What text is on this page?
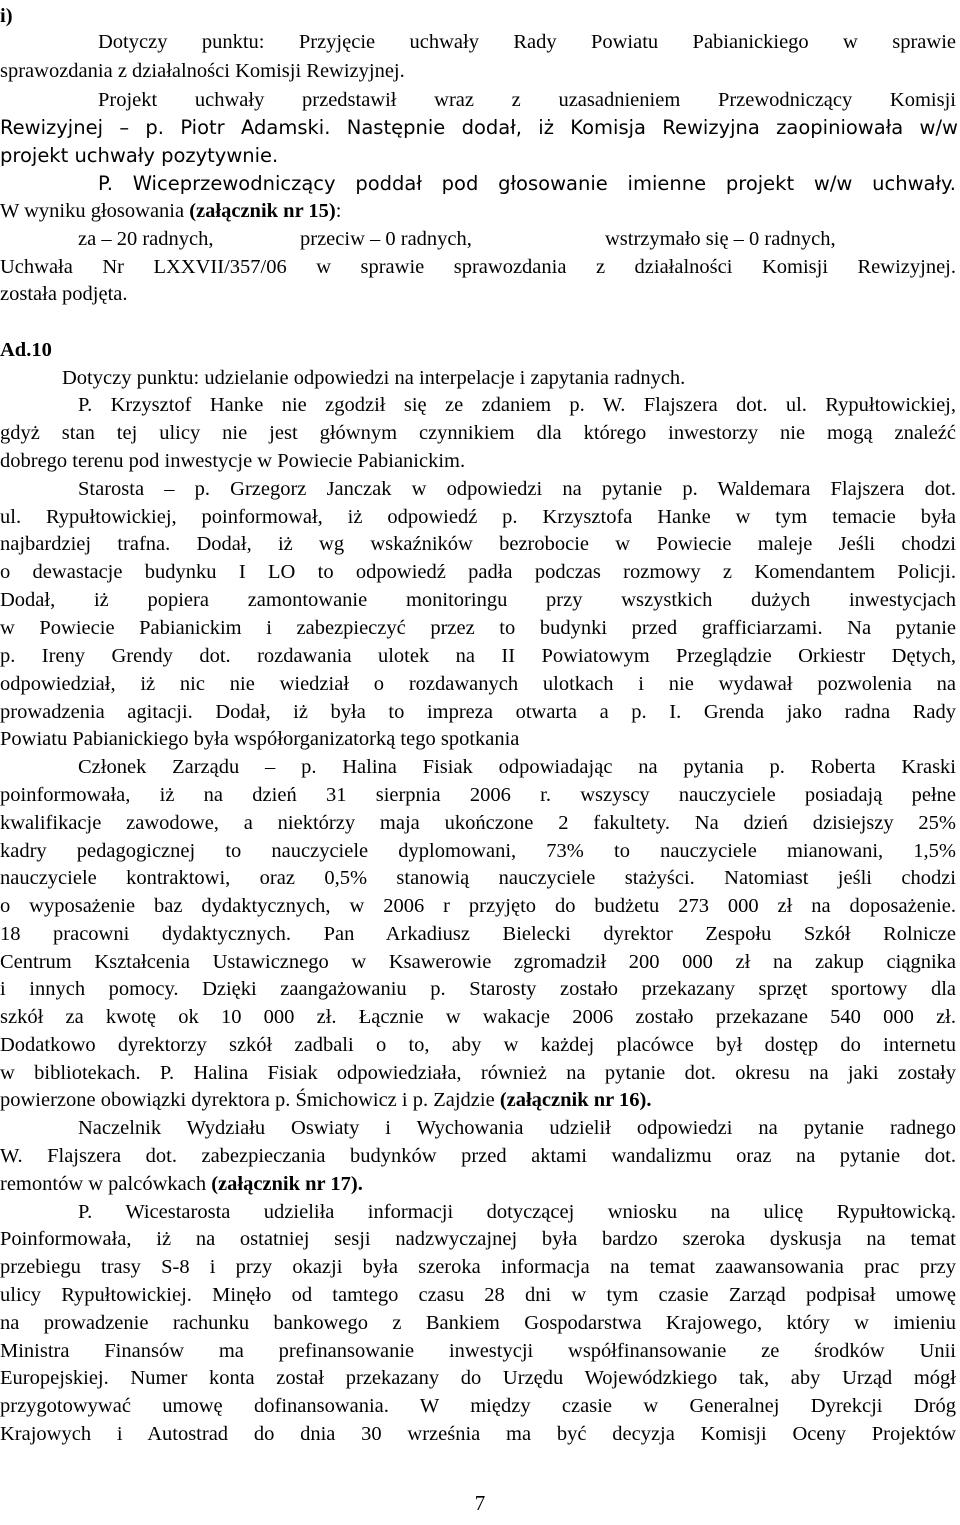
i)
Dotyczy punktu: Przyjęcie uchwały Rady Powiatu Pabianickiego w sprawie
sprawozdania z działalności Komisji Rewizyjnej.
Projekt uchwały przedstawił wraz z uzasadnieniem Przewodniczący Komisji
Rewizyjnej – p. Piotr Adamski. Następnie dodał, iż Komisja Rewizyjna zaopiniowała w/w
projekt uchwały pozytywnie.
P. Wiceprzewodniczący poddał pod głosowanie imienne projekt w/w uchwały.
W wyniku głosowania (załącznik nr 15):
za – 20 radnych,
Uchwała Nr LXXVII/357/06 w sprawie sprawozdania z działalności Komisji Rewizyjnej.
została podjęta.
Ad.10
Dotyczy punktu: udzielanie odpowiedzi na interpelacje i zapytania radnych.
P. Krzysztof Hanke nie zgodził się ze zdaniem p. W. Flajszera dot. ul. Rypułtowickiej,
gdyż stan tej ulicy nie jest głównym czynnikiem dla którego inwestorzy nie mogą znaleźć
dobrego terenu pod inwestycje w Powiecie Pabianickim.
Starosta – p. Grzegorz Janczak w odpowiedzi na pytanie p. Waldemara Flajszera dot.
ul. Rypułtowickiej, poinformował, iż odpowiedź p. Krzysztofa Hanke w tym temacie była
najbardziej trafna. Dodał, iż wg wskaźników bezrobocie w Powiecie maleje Jeśli chodzi
o dewastacje budynku I LO to odpowiedź padła podczas rozmowy z Komendantem Policji.
Dodał, iż popiera zamontowanie monitoringu przy wszystkich dużych inwestycjach
w Powiecie Pabianickim i zabezpieczyć przez to budynki przed grafficiarzami. Na pytanie
p. Ireny Grendy dot. rozdawania ulotek na II Powiatowym Przeglądzie Orkiestr Dętych,
odpowiedział, iż nic nie wiedział o rozdawanych ulotkach i nie wydawał pozwolenia na
prowadzenia agitacji. Dodał, iż była to impreza otwarta a p. I. Grenda jako radna Rady
Powiatu Pabianickiego była współorganizatorką tego spotkania
Członek Zarządu – p. Halina Fisiak odpowiadając na pytania p. Roberta Kraski
poinformowała, iż na dzień 31 sierpnia 2006 r. wszyscy nauczyciele posiadają pełne
kwalifikacje zawodowe, a niektórzy maja ukończone 2 fakultety. Na dzień dzisiejszy 25%
kadry pedagogicznej to nauczyciele dyplomowani, 73% to nauczyciele mianowani, 1,5%
nauczyciele kontraktowi, oraz 0,5% stanowią nauczyciele stażyści. Natomiast jeśli chodzi
o wyposażenie baz dydaktycznych, w 2006 r przyjęto do budżetu 273 000 zł na doposażenie.
18 pracowni dydaktycznych. Pan Arkadiusz Bielecki dyrektor Zespołu Szkół Rolnicze
Centrum Kształcenia Ustawicznego w Ksawerowie zgromadził 200 000 zł na zakup ciągnika
i innych pomocy. Dzięki zaangażowaniu p. Starosty zostało przekazany sprzęt sportowy dla
szkół za kwotę ok 10 000 zł. Łącznie w wakacje 2006 zostało przekazane 540 000 zł.
Dodatkowo dyrektorzy szkół zadbali o to, aby w każdej placówce był dostęp do internetu
w bibliotekach. P. Halina Fisiak odpowiedziała, również na pytanie dot. okresu na jaki zostały
powierzone obowiązki dyrektora p. Śmichowicz i p. Zajdzie (załącznik nr 16).
Naczelnik Wydziału Oswiaty i Wychowania udzielił odpowiedzi na pytanie radnego
W. Flajszera dot. zabezpieczania budynków przed aktami wandalizmu oraz na pytanie dot.
remontów w palcówkach (załącznik nr 17).
P. Wicestarosta udzieliła informacji dotyczącej wniosku na ulicę Rypułtowicką.
Poinformowała, iż na ostatniej sesji nadzwyczajnej była bardzo szeroka dyskusja na temat
przebiegu trasy S-8 i przy okazji była szeroka informacja na temat zaawansowania prac przy
ulicy Rypułtowickiej. Minęło od tamtego czasu 28 dni w tym czasie Zarząd podpisał umowę
na prowadzenie rachunku bankowego z Bankiem Gospodarstwa Krajowego, który w imieniu
Ministra Finansów ma prefinansowanie inwestycji współfinansowanie ze środków Unii
Europejskiej. Numer konta został przekazany do Urzędu Wojewódzkiego tak, aby Urząd mógł
przygotowywać umowę dofinansowania. W między czasie w Generalnej Dyrekcji Dróg
Krajowych i Autostrad do dnia 30 września ma być decyzja Komisji Oceny Projektów
przeciw – 0 radnych,	wstrzymało się – 0 radnych,
7
